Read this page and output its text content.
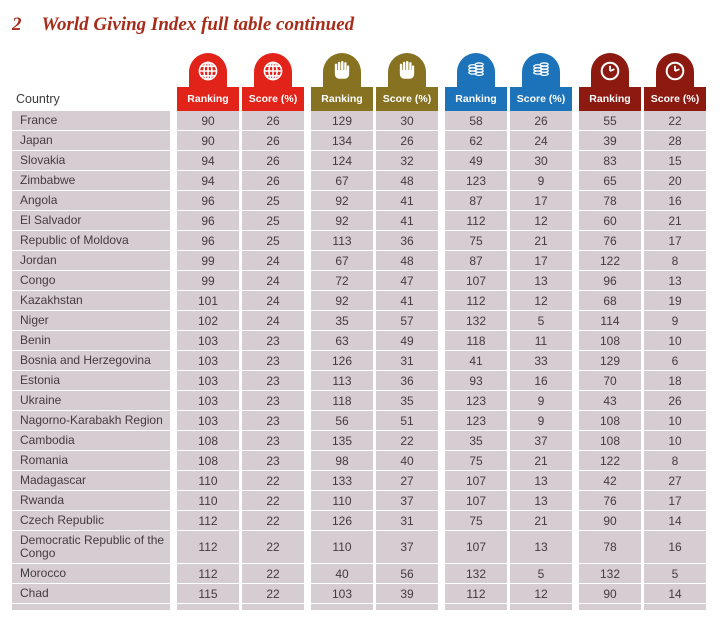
2 World Giving Index full table continued
Country	Ranking	Score (%)	Ranking	Score (%)	Ranking	Score (%)	Ranking	Score (%)
France	90	26	129	30	58	26	55	22
Japan	90	26	134	26	62	24	39	28
Slovakia	94	26	124	32	49	30	83	15
Zimbabwe	94	26	67	48	123	9	65	20
Angola	96	25	92	41	87	17	78	16
El Salvador	96	25	92	41	112	12	60	21
Republic of Moldova	96	25	113	36	75	21	76	17
Jordan	99	24	67	48	87	17	122	8
Congo	99	24	72	47	107	13	96	13
Kazakhstan	101	24	92	41	112	12	68	19
Niger	102	24	35	57	132	5	114	9
Benin	103	23	63	49	118	11	108	10
Bosnia and Herzegovina	103	23	126	31	41	33	129	6
Estonia	103	23	113	36	93	16	70	18
Ukraine	103	23	118	35	123	9	43	26
Nagorno-Karabakh Region	103	23	56	51	123	9	108	10
Cambodia	108	23	135	22	35	37	108	10
Romania	108	23	98	40	75	21	122	8
Madagascar	110	22	133	27	107	13	42	27
Rwanda	110	22	110	37	107	13	76	17
Czech Republic	112	22	126	31	75	21	90	14
Democratic Republic of the Congo	112	22	110	37	107	13	78	16
Morocco	112	22	40	56	132	5	132	5
Chad	115	22	103	39	112	12	90	14
